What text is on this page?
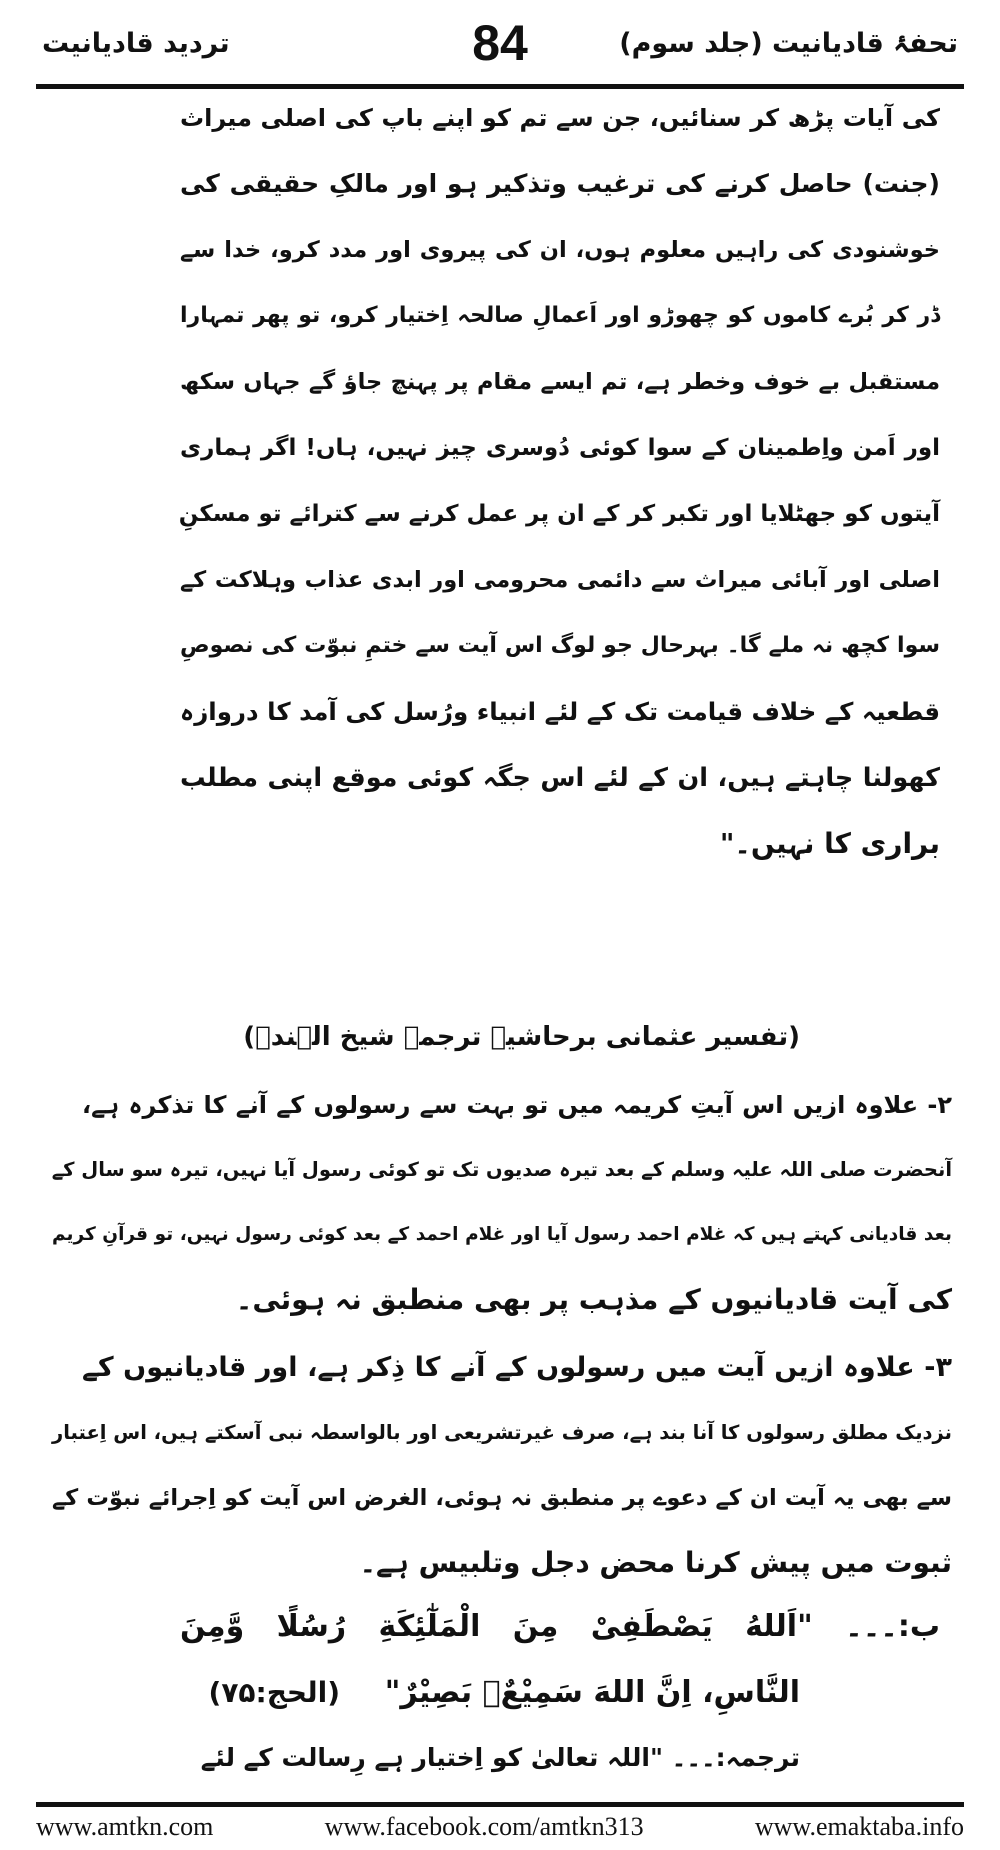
تحفۂ قادیانیت (جلد سوم)
84
تردید قادیانیت
کی آیات پڑھ کر سنائیں، جن سے تم کو اپنے باپ کی اصلی میراث
(جنت) حاصل کرنے کی ترغیب وتذکیر ہو اور مالکِ حقیقی کی
خوشنودی کی راہیں معلوم ہوں، ان کی پیروی اور مدد کرو، خدا سے
ڈر کر بُرے کاموں کو چھوڑو اور اَعمالِ صالحہ اِختیار کرو، تو پھر تمہارا
مستقبل بے خوف وخطر ہے، تم ایسے مقام پر پہنچ جاؤ گے جہاں سکھ
اور اَمن واِطمینان کے سوا کوئی دُوسری چیز نہیں، ہاں! اگر ہماری
آیتوں کو جھٹلایا اور تکبر کر کے ان پر عمل کرنے سے کترائے تو مسکنِ
اصلی اور آبائی میراث سے دائمی محرومی اور ابدی عذاب وہلاکت کے
سوا کچھ نہ ملے گا۔ بہرحال جو لوگ اس آیت سے ختمِ نبوّت کی نصوصِ
قطعیہ کے خلاف قیامت تک کے لئے انبیاء ورُسل کی آمد کا دروازہ
کھولنا چاہتے ہیں، ان کے لئے اس جگہ کوئی موقع اپنی مطلب
براری کا نہیں۔"
(تفسیر عثمانی برحاشیہ ترجمہ شیخ الہندؒ)
۲- علاوہ ازیں اس آیتِ کریمہ میں تو بہت سے رسولوں کے آنے کا تذکرہ ہے،
آنحضرت صلی اللہ علیہ وسلم کے بعد تیرہ صدیوں تک تو کوئی رسول آیا نہیں، تیرہ سو سال کے
بعد قادیانی کہتے ہیں کہ غلام احمد رسول آیا اور غلام احمد کے بعد کوئی رسول نہیں، تو قرآنِ کریم
کی آیت قادیانیوں کے مذہب پر بھی منطبق نہ ہوئی۔
۳- علاوہ ازیں آیت میں رسولوں کے آنے کا ذِکر ہے، اور قادیانیوں کے
نزدیک مطلق رسولوں کا آنا بند ہے، صرف غیرتشریعی اور بالواسطہ نبی آسکتے ہیں، اس اِعتبار
سے بھی یہ آیت ان کے دعوے پر منطبق نہ ہوئی، الغرض اس آیت کو اِجرائے نبوّت کے
ثبوت میں پیش کرنا محض دجل وتلبیس ہے۔
ب:۔۔۔ "اَللهُ يَصْطَفِىْ مِنَ الْمَلٰٓئِكَةِ رُسُلًا وَّمِنَ
النَّاسِ، اِنَّ اللهَ سَمِيْعٌۢ بَصِيْرٌ"
(الحج:۷۵)
ترجمہ:۔۔۔ "اللہ تعالیٰ کو اِختیار ہے رِسالت کے لئے
www.amtkn.com	www.facebook.com/amtkn313	www.emaktaba.info
